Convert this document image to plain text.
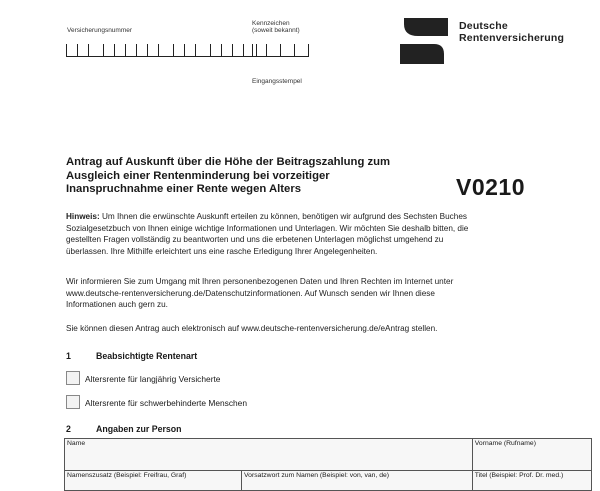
Versicherungsnummer
Kennzeichen
(soweit bekannt)
Eingangsstempel
Deutsche
Rentenversicherung
Antrag auf Auskunft über die Höhe der Beitragszahlung zum
Ausgleich einer Rentenminderung bei vorzeitiger
Inanspruchnahme einer Rente wegen Alters	V0210
Hinweis: Um Ihnen die erwünschte Auskunft erteilen zu können, benötigen wir aufgrund des Sechsten Buches
Sozialgesetzbuch von Ihnen einige wichtige Informationen und Unterlagen. Wir möchten Sie deshalb bitten, die
gestellten Fragen vollständig zu beantworten und uns die erbetenen Unterlagen möglichst umgehend zu
überlassen. Ihre Mithilfe erleichtert uns eine rasche Erledigung Ihrer Angelegenheiten.
Wir informieren Sie zum Umgang mit Ihren personenbezogenen Daten und Ihren Rechten im Internet unter
www.deutsche-rentenversicherung.de/Datenschutzinformationen. Auf Wunsch senden wir Ihnen diese
Informationen auch gern zu.
Sie können diesen Antrag auch elektronisch auf www.deutsche-rentenversicherung.de/eAntrag stellen.
1	Beabsichtigte Rentenart
Altersrente für langjährig Versicherte
Altersrente für schwerbehinderte Menschen
2	Angaben zur Person
Name		Vorname (Rufname)
Namenszusatz (Beispiel: Freifrau, Graf)	Vorsatzwort zum Namen (Beispiel: von, van, de)	Titel (Beispiel: Prof. Dr. med.)
